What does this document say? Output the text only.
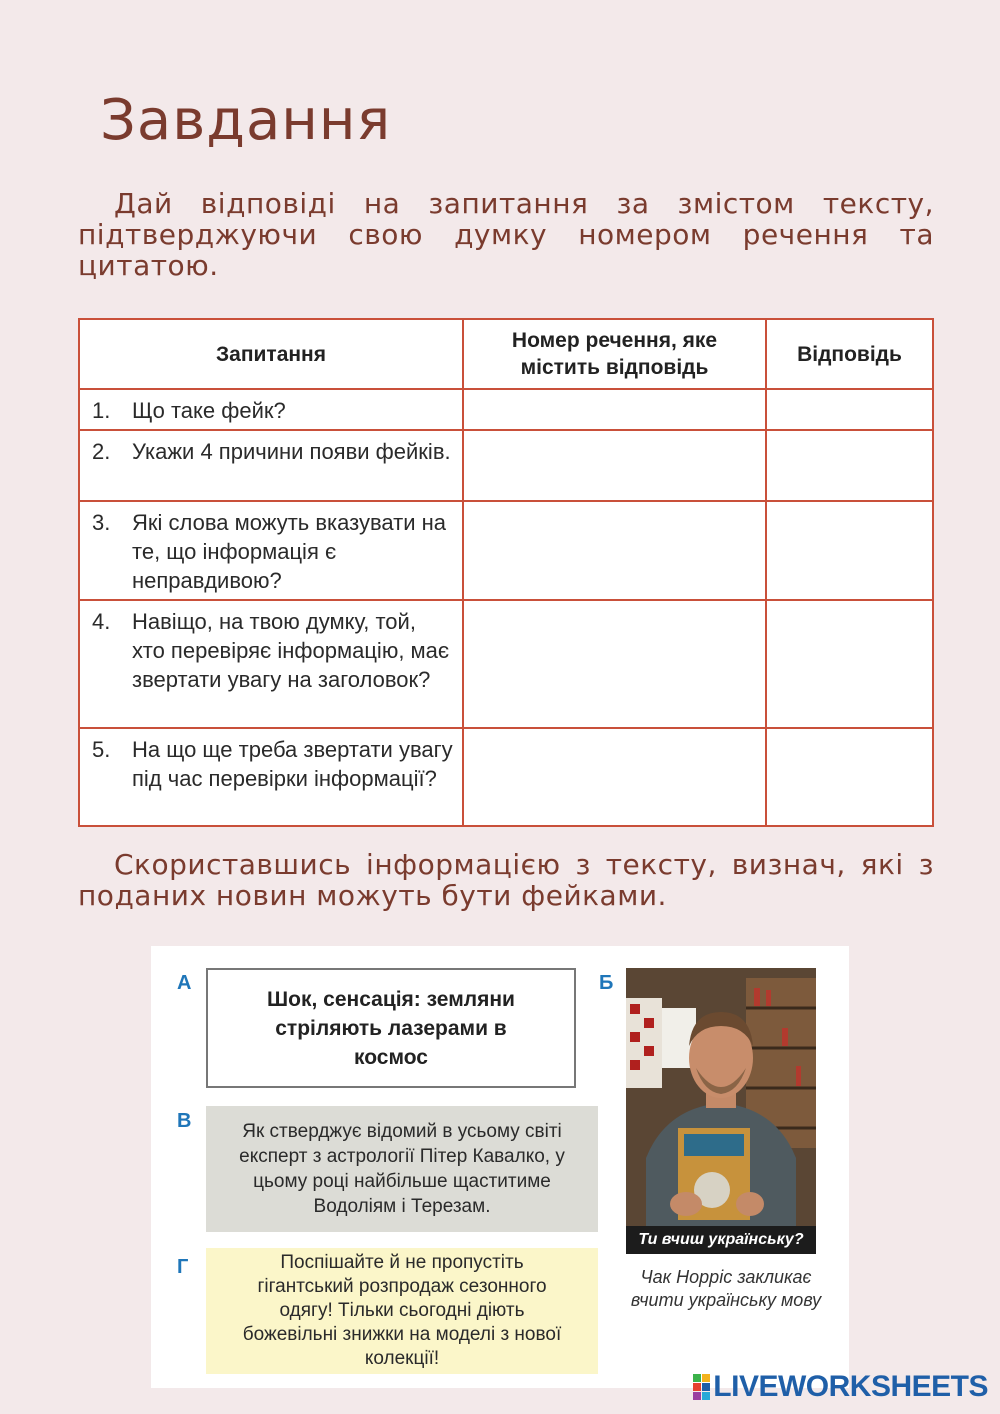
Завдання
Дай відповіді на запитання за змістом тексту, підтверджуючи свою думку номером речення та цитатою.
Запитання	Номер речення, яке містить відповідь	Відповідь

1. Що таке фейк?		

2. Укажи 4 причини появи фейків.		

3. Які слова можуть вказувати на те, що інформація є неправдивою?		

4. Навіщо, на твою думку, той, хто перевіряє інформацію, має звертати увагу на заголовок?		

5. На що ще треба звертати увагу під час перевірки інформації?		

Скориставшись інформацією з тексту, визнач, які з поданих новин можуть бути фейками.
А
Шок, сенсація: земляни стріляють лазерами в космос
В	Як стверджує відомий в усьому світі експерт з астрології Пітер Кавалко, у цьому році найбільше щаститиме Водоліям і Терезам.
Г	Поспішайте й не пропустіть гігантський розпродаж сезонного одягу! Тільки сьогодні діють божевільні знижки на моделі з нової колекції!
Б
Ти вчиш українську?
Чак Норріс закликає вчити українську мову
LIVEWORKSHEETS
